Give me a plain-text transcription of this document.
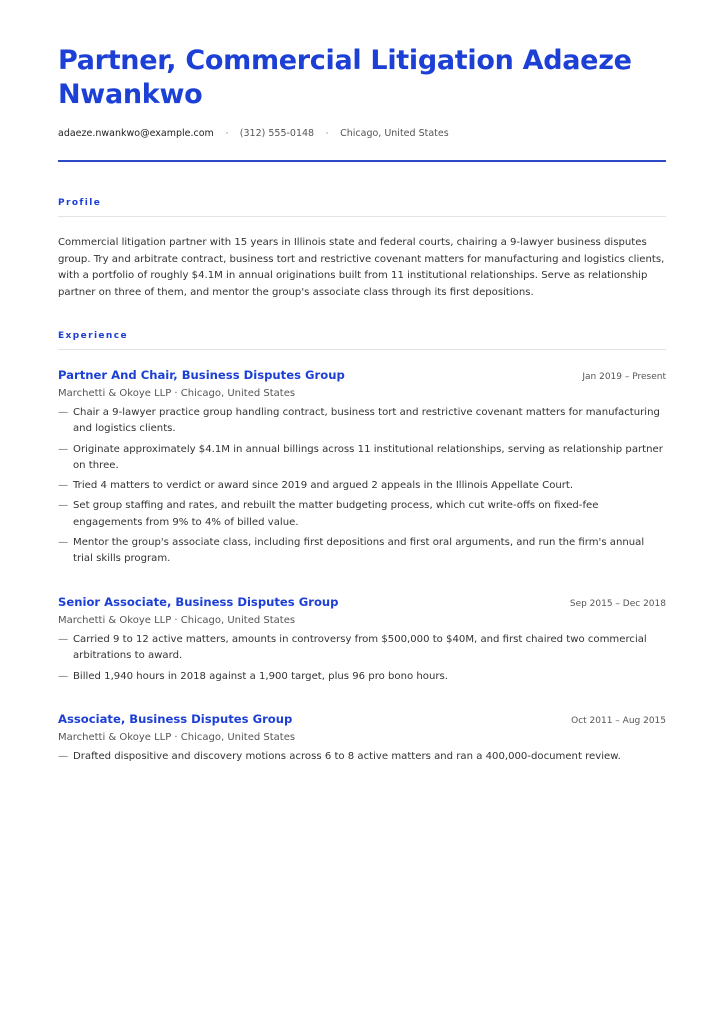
Partner, Commercial Litigation Adaeze Nwankwo
adaeze.nwankwo@example.com	(312) 555-0148	Chicago, United States
Profile

Commercial litigation partner with 15 years in Illinois state and federal courts, chairing a 9-lawyer business disputes group. Try and arbitrate contract, business tort and restrictive covenant matters for manufacturing and logistics clients, with a portfolio of roughly $4.1M in annual originations built from 11 institutional relationships. Serve as relationship partner on three of them, and mentor the group's associate class through its first depositions.

Experience
Partner And Chair, Business Disputes Group	Jan 2019 – Present
Marchetti & Okoye LLP · Chicago, United States
— Chair a 9-lawyer practice group handling contract, business tort and restrictive covenant matters for manufacturing and logistics clients.
— Originate approximately $4.1M in annual billings across 11 institutional relationships, serving as relationship partner on three.
— Tried 4 matters to verdict or award since 2019 and argued 2 appeals in the Illinois Appellate Court.
— Set group staffing and rates, and rebuilt the matter budgeting process, which cut write-offs on fixed-fee engagements from 9% to 4% of billed value.
— Mentor the group's associate class, including first depositions and first oral arguments, and run the firm's annual trial skills program.
Senior Associate, Business Disputes Group	Sep 2015 – Dec 2018
Marchetti & Okoye LLP · Chicago, United States
— Carried 9 to 12 active matters, amounts in controversy from $500,000 to $40M, and first chaired two commercial arbitrations to award.
— Billed 1,940 hours in 2018 against a 1,900 target, plus 96 pro bono hours.
Associate, Business Disputes Group	Oct 2011 – Aug 2015
Marchetti & Okoye LLP · Chicago, United States
— Drafted dispositive and discovery motions across 6 to 8 active matters and ran a 400,000-document review.
